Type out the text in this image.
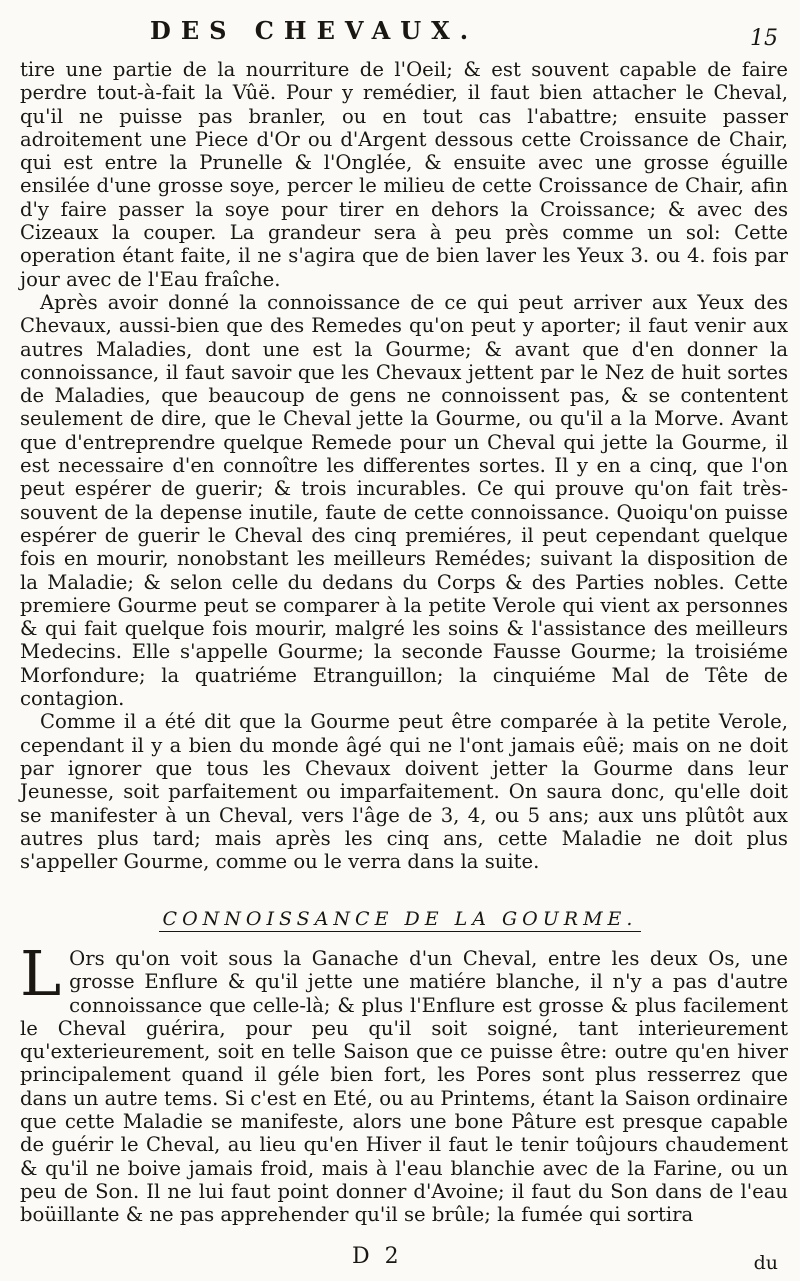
DES CHEVAUX.	15

tire une partie de la nourriture de l'Oeil; & est souvent capable de faire perdre tout-à-fait la Vûë. Pour y remédier, il faut bien attacher le Cheval, qu'il ne puisse pas branler, ou en tout cas l'abattre; ensuite passer adroitement une Piece d'Or ou d'Argent dessous cette Croissance de Chair, qui est entre la Prunelle & l'Onglée, & ensuite avec une grosse éguille ensilée d'une grosse soye, percer le milieu de cette Croissance de Chair, afin d'y faire passer la soye pour tirer en dehors la Croissance; & avec des Cizeaux la couper. La grandeur sera à peu près comme un sol: Cette operation étant faite, il ne s'agira que de bien laver les Yeux 3. ou 4. fois par jour avec de l'Eau fraîche.

Après avoir donné la connoissance de ce qui peut arriver aux Yeux des Chevaux, aussi-bien que des Remedes qu'on peut y aporter; il faut venir aux autres Maladies, dont une est la Gourme; & avant que d'en donner la connoissance, il faut savoir que les Chevaux jettent par le Nez de huit sortes de Maladies, que beaucoup de gens ne connoissent pas, & se contentent seulement de dire, que le Cheval jette la Gourme, ou qu'il a la Morve. Avant que d'entreprendre quelque Remede pour un Cheval qui jette la Gourme, il est necessaire d'en connoître les differentes sortes. Il y en a cinq, que l'on peut espérer de guerir; & trois incurables. Ce qui prouve qu'on fait très-souvent de la depense inutile, faute de cette connoissance. Quoiqu'on puisse espérer de guerir le Cheval des cinq premiéres, il peut cependant quelque fois en mourir, nonobstant les meilleurs Remédes; suivant la disposition de la Maladie; & selon celle du dedans du Corps & des Parties nobles. Cette premiere Gourme peut se comparer à la petite Verole qui vient ax personnes & qui fait quelque fois mourir, malgré les soins & l'assistance des meilleurs Medecins. Elle s'appelle Gourme; la seconde Fausse Gourme; la troisiéme Morfondure; la quatriéme Etranguillon; la cinquiéme Mal de Tête de contagion.

Comme il a été dit que la Gourme peut être comparée à la petite Verole, cependant il y a bien du monde âgé qui ne l'ont jamais eûë; mais on ne doit par ignorer que tous les Chevaux doivent jetter la Gourme dans leur Jeunesse, soit parfaitement ou imparfaitement. On saura donc, qu'elle doit se manifester à un Cheval, vers l'âge de 3, 4, ou 5 ans; aux uns plûtôt aux autres plus tard; mais après les cinq ans, cette Maladie ne doit plus s'appeller Gourme, comme ou le verra dans la suite.

CONNOISSANCE DE LA GOURME.
L Ors qu'on voit sous la Ganache d'un Cheval, entre les deux Os, une grosse Enflure & qu'il jette une matiére blanche, il n'y a pas d'autre connoissance que celle-là; & plus l'Enflure est grosse & plus facilement le Cheval guérira, pour peu qu'il soit soigné, tant interieurement qu'exterieurement, soit en telle Saison que ce puisse être: outre qu'en hiver principalement quand il géle bien fort, les Pores sont plus resserrez que dans un autre tems. Si c'est en Eté, ou au Printems, étant la Saison ordinaire que cette Maladie se manifeste, alors une bone Pâture est presque capable de guérir le Cheval, au lieu qu'en Hiver il faut le tenir toûjours chaudement & qu'il ne boive jamais froid, mais à l'eau blanchie avec de la Farine, ou un peu de Son. Il ne lui faut point donner d'Avoine; il faut du Son dans de l'eau boüillante & ne pas apprehender qu'il se brûle; la fumée qui sortira
D 2	du
